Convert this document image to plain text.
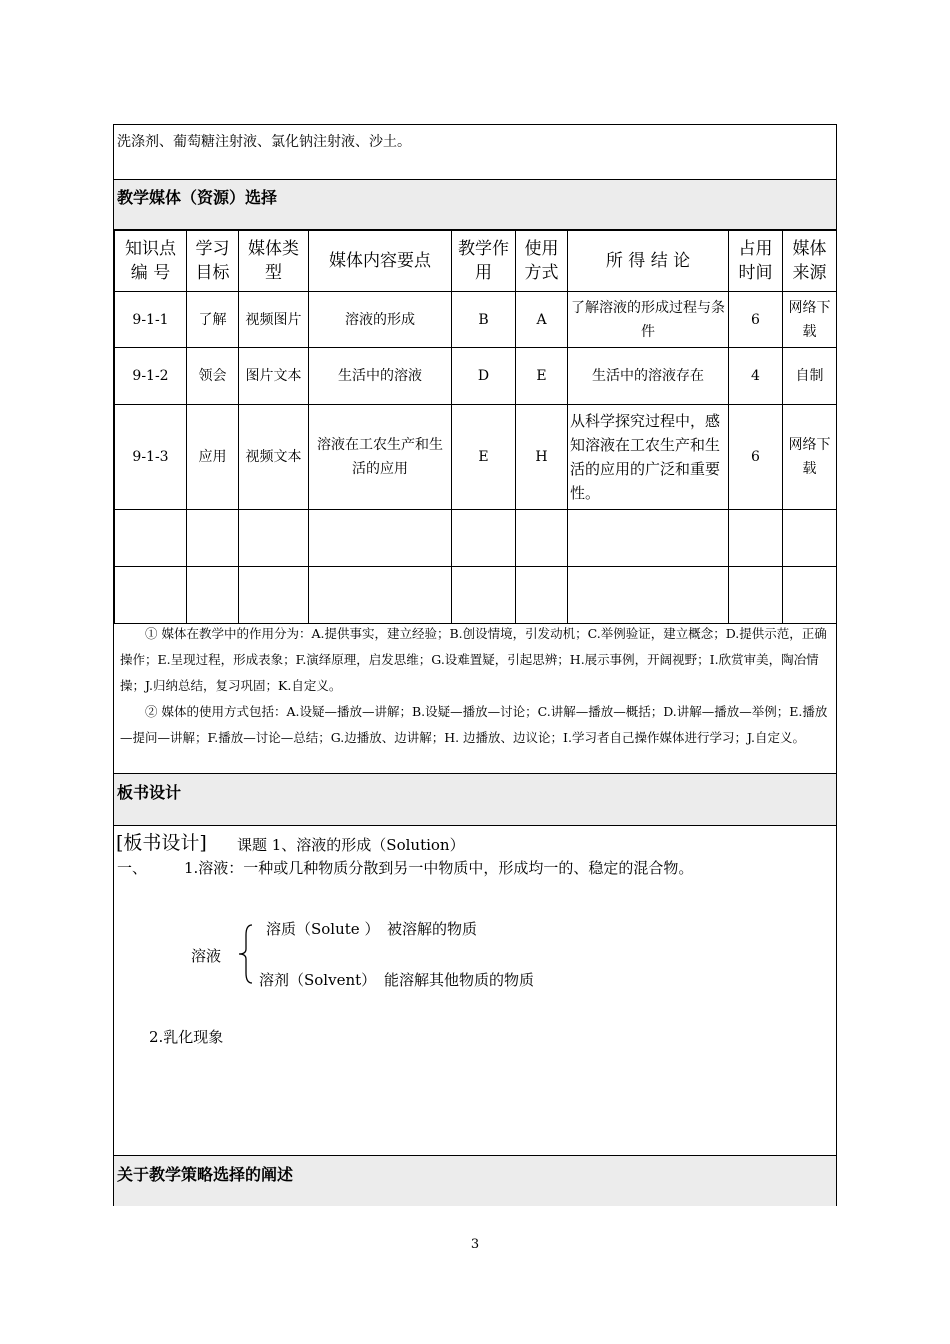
洗涤剂、葡萄糖注射液、氯化钠注射液、沙土。
教学媒体（资源）选择
知识点编 号	学习目标	媒体类型	媒体内容要点	教学作用	使用方式	所 得 结 论	占用时间	媒体来源
9-1-1	了解	视频图片	溶液的形成	B	A	了解溶液的形成过程与条件	6	网络下载
9-1-2	领会	图片文本	生活中的溶液	D	E	生活中的溶液存在	4	自制
9-1-3	应用	视频文本	溶液在工农生产和生活的应用	E	H	从科学探究过程中，感知溶液在工农生产和生活的应用的广泛和重要性。	6	网络下载

① 媒体在教学中的作用分为：A.提供事实，建立经验；B.创设情境，引发动机；C.举例验证，建立概念；D.提供示范，正确操作；E.呈现过程，形成表象；F.演绎原理，启发思维；G.设难置疑，引起思辨；H.展示事例，开阔视野；I.欣赏审美，陶冶情操；J.归纳总结，复习巩固；K.自定义。

② 媒体的使用方式包括：A.设疑—播放—讲解；B.设疑—播放—讨论；C.讲解—播放—概括；D.讲解—播放—举例；E.播放—提问—讲解；F.播放—讨论—总结；G.边播放、边讲解；H. 边播放、边议论；I.学习者自己操作媒体进行学习；J.自定义。

板书设计
[板书设计] 课题 1、溶液的形成（Solution）
一、 1.溶液：一种或几种物质分散到另一中物质中，形成均一的、稳定的混合物。
溶液
溶质（Solute ） 被溶解的物质
溶剂（Solvent） 能溶解其他物质的物质
2.乳化现象
关于教学策略选择的阐述
3
